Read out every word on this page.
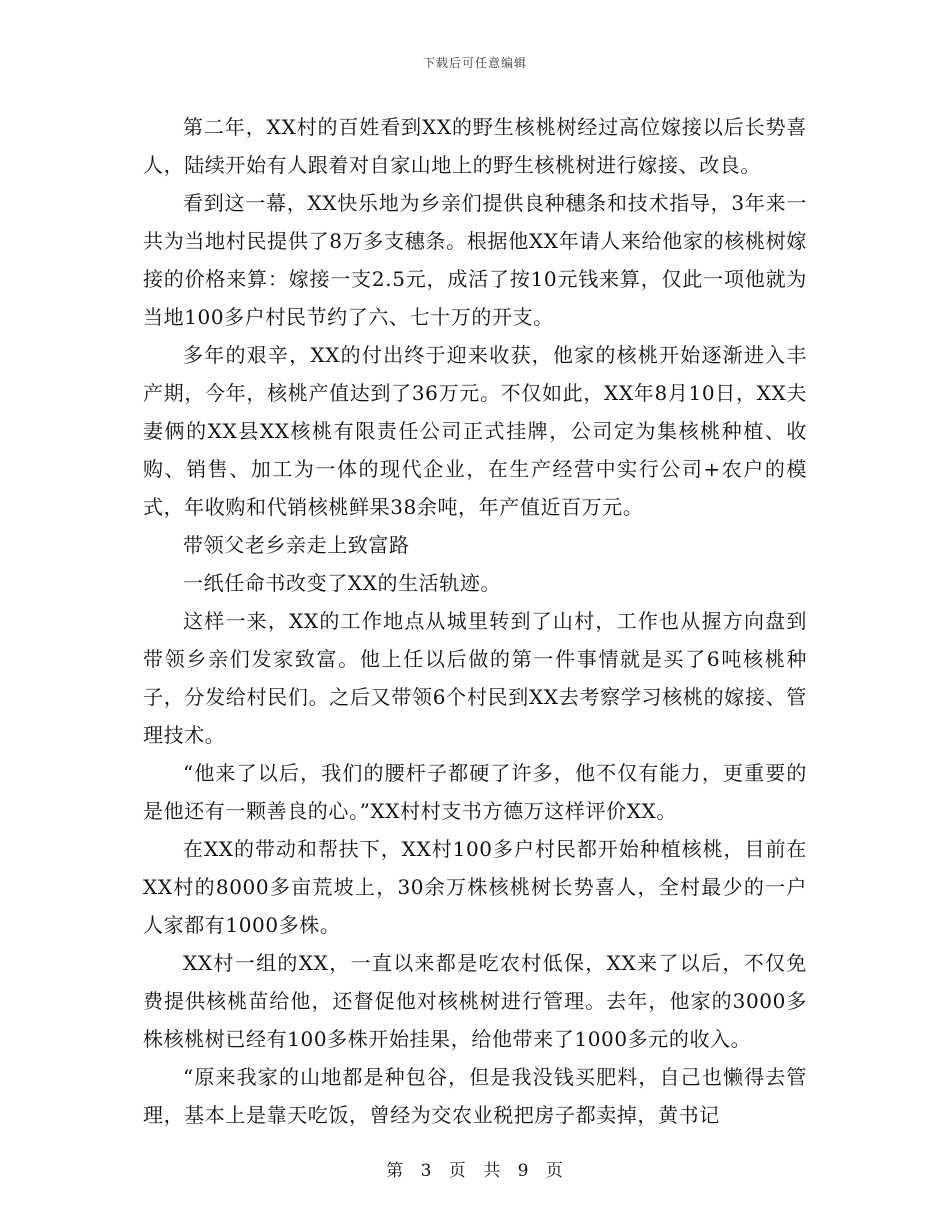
下载后可任意编辑

第二年，XX村的百姓看到XX的野生核桃树经过高位嫁接以后长势喜人，陆续开始有人跟着对自家山地上的野生核桃树进行嫁接、改良。

看到这一幕，XX快乐地为乡亲们提供良种穗条和技术指导，3年来一共为当地村民提供了8万多支穗条。根据他XX年请人来给他家的核桃树嫁接的价格来算：嫁接一支2.5元，成活了按10元钱来算，仅此一项他就为当地100多户村民节约了六、七十万的开支。

多年的艰辛，XX的付出终于迎来收获，他家的核桃开始逐渐进入丰产期，今年，核桃产值达到了36万元。不仅如此，XX年8月10日，XX夫妻俩的XX县XX核桃有限责任公司正式挂牌，公司定为集核桃种植、收购、销售、加工为一体的现代企业，在生产经营中实行公司+农户的模式，年收购和代销核桃鲜果38余吨，年产值近百万元。

带领父老乡亲走上致富路

一纸任命书改变了XX的生活轨迹。

这样一来，XX的工作地点从城里转到了山村，工作也从握方向盘到带领乡亲们发家致富。他上任以后做的第一件事情就是买了6吨核桃种子，分发给村民们。之后又带领6个村民到XX去考察学习核桃的嫁接、管理技术。

“他来了以后，我们的腰杆子都硬了许多，他不仅有能力，更重要的是他还有一颗善良的心。”XX村村支书方德万这样评价XX。

在XX的带动和帮扶下，XX村100多户村民都开始种植核桃，目前在XX村的8000多亩荒坡上，30余万株核桃树长势喜人，全村最少的一户人家都有1000多株。

XX村一组的XX，一直以来都是吃农村低保，XX来了以后，不仅免费提供核桃苗给他，还督促他对核桃树进行管理。去年，他家的3000多株核桃树已经有100多株开始挂果，给他带来了1000多元的收入。

“原来我家的山地都是种包谷，但是我没钱买肥料，自己也懒得去管理，基本上是靠天吃饭，曾经为交农业税把房子都卖掉，黄书记

第 3 页 共 9 页
